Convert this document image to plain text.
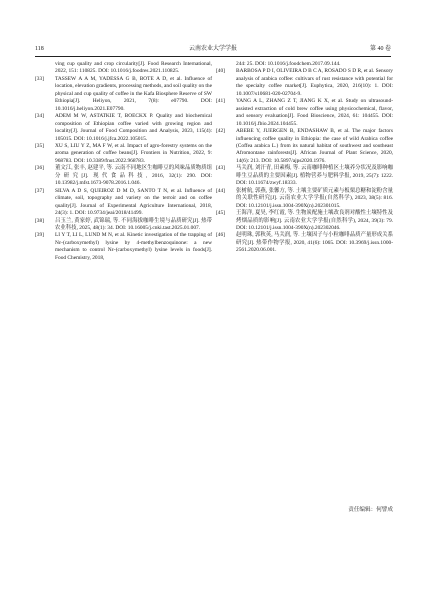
118	云南农业大学学报	第 40 卷
ving cup quality and crop circularity[J]. Food Research International, 2022, 151: 110825. DOI: 10.1016/j.foodres.2021.110825.
[33] TASSEW A A M, YADESSA G B, BOTE A D, et al. Influence of location, elevation gradients, processing methods, and soil quality on the physical and cup quality of coffee in the Kafa Biosphere Reserve of SW Ethiopia[J]. Heliyon, 2021, 7(8): e07790. DOI: 10.1016/j.heliyon.2021.E07790.
[34] ADEM M W, ASTATKIE T, BOECKX P. Quality and biochemical composition of Ethiopian coffee varied with growing region and locality[J]. Journal of Food Composition and Analysis, 2023, 115(4): 105015. DOI: 10.1016/j.jfca.2022.105015.
[35] XU S, LIU Y Z, MA F W, et al. Impact of agro-forestry systems on the aroma generation of coffee beans[J]. Frontiers in Nutrition, 2022, 9: 968783. DOI: 10.3389/fnut.2022.968783.
[36] 董文江, 张丰, 赵建平, 等. 云南不同地区生咖啡豆的风味品质物质组分研究[J]. 现代食品科技, 2016, 32(1): 290. DOI: 10.13982/j.mfst.1673-9078.2016.1.046.
[37] SILVA A D S, QUEIROZ D M D, SANTO T N, et al. Influence of climate, soil, topography and variety on the terroir and on coffee quality[J]. Journal of Experimental Agriculture International, 2018, 24(3): 1. DOI: 10.9734/jeai/2018/41499.
[38] 吕玉兰, 黄家婷, 武锦瑞, 等. 不同海拔咖啡生境与品质研究[J]. 热带农业科技, 2025, 48(1): 34. DOI: 10.16005/j.cnki.tast.2025.01.007.
[39] LI Y T, LI L, LUND M N, et al. Kinetic investigation of the trapping of Nε-(carboxymethyl) lysine by 4-methylbenzoquinone: a new mechanism to control Nε-(carboxymethyl) lysine levels in foods[J]. Food Chemistry, 2018,
244: 25. DOI: 10.1016/j.foodchem.2017.09.144.
[40] BARBOSA P D I, OLIVEIRA D B C A, ROSADO S D R, et al. Sensory analysis of arabica coffee: cultivars of rust resistance with potential for the specialty coffee market[J]. Euphytica, 2020, 216(10): 1. DOI: 10.1007/s10681-020-02704-9.
[41] YANG A L, ZHANG Z T, JIANG K X, et al. Study on ultrasound-assisted extraction of cold brew coffee using physicochemical, flavor, and sensory evaluation[J]. Food Bioscience, 2024, 61: 104455. DOI: 10.1016/j.fbio.2024.104455.
[42] ABEBE Y, JUERGEN B, ENDASHAW B, et al. The major factors influencing coffee quality in Ethiopia: the case of wild Arabica coffee (Coffea arabica L.) from its natural habitat of southwest and southeast Afromontane rainforests[J]. African Journal of Plant Science, 2020, 14(6): 213. DOI: 10.5897/ajps2020.1976.
[43] 马关润, 刘汗青, 田素梅, 等. 云南咖啡种植区土壤养分状况及影响咖啡生豆品质的主要因素[J]. 植物营养与肥料学报, 2019, 25(7): 1222. DOI: 10.11674/zwyf.18333.
[44] 张树航, 郭燕, 张馨方, 等. 土壤主要矿质元素与板栗总糖和淀粉含量的关联性研究[J]. 云南农业大学学报(自然科学), 2023, 38(5): 816. DOI: 10.12101/j.issn.1004-390X(n).202301015.
[45] 王海洋, 夏昊, 李红霞, 等. 生物炭配施土壤改良剂对酸性土壤特性及烤烟品质的影响[J]. 云南农业大学学报(自然科学), 2024, 39(3): 79. DOI: 10.12101/j.issn.1004-390X(n).202302046.
[46] 赵明珠, 郭秋英, 马关润, 等. 土壤因子与小粒咖啡品质产量形成关系研究[J]. 热带作物学报, 2020, 41(6): 1065. DOI: 10.3969/j.issn.1000-2561.2020.06.001.
责任编辑：何譬成
